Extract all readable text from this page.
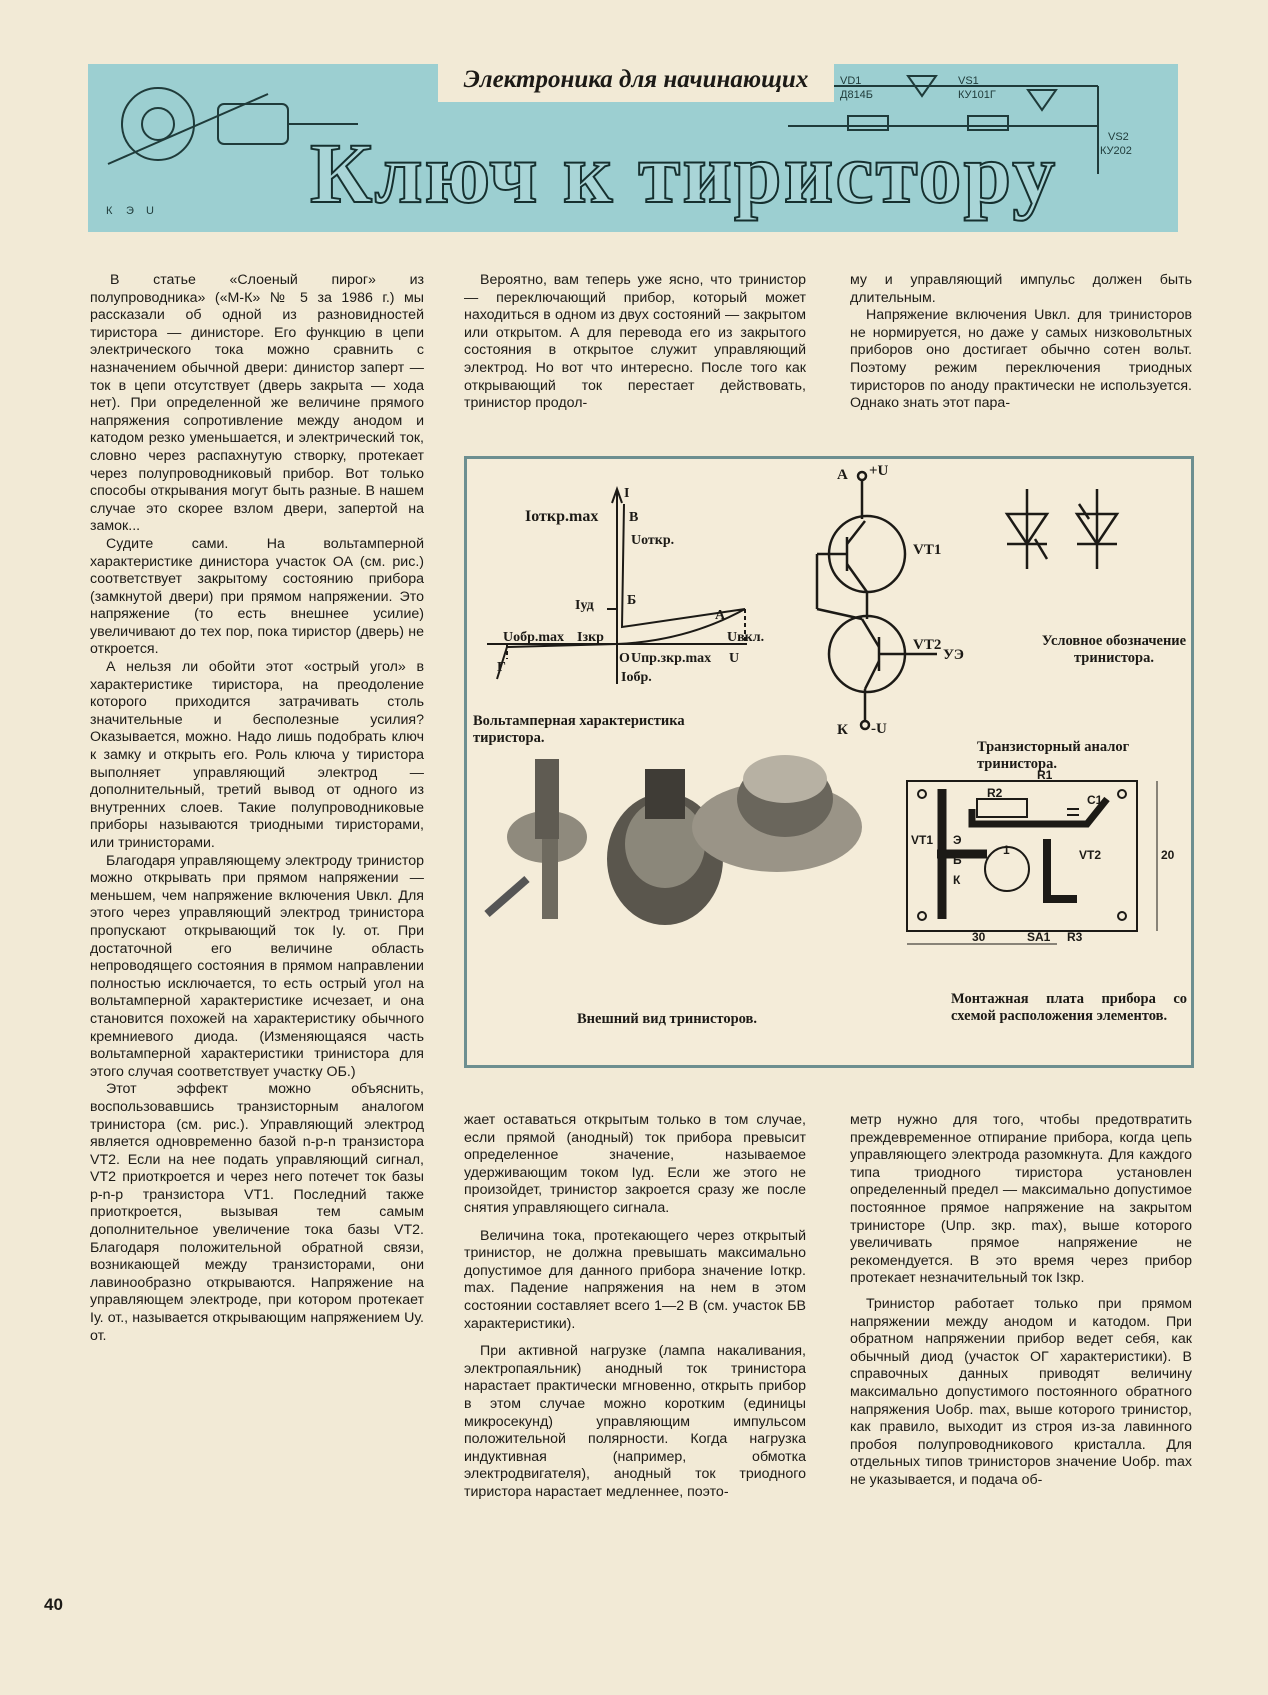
VD1
Д814Б
VS1
КУ101Г
VS2
КУ202
К Э U
Электроника для начинающих
Ключ к тиристору

В статье «Слоеный пирог» из полупроводника» («М-К» № 5 за 1986 г.) мы рассказали об одной из разновидностей тиристора — динисторе. Его функцию в цепи электрического тока можно сравнить с назначением обычной двери: динистор заперт — ток в цепи отсутствует (дверь закрыта — хода нет). При определенной же величине прямого напряжения сопротивление между анодом и катодом резко уменьшается, и электрический ток, словно через распахнутую створку, протекает через полупроводниковый прибор. Вот только способы открывания могут быть разные. В нашем случае это скорее взлом двери, запертой на замок...

Судите сами. На вольтамперной характеристике динистора участок ОА (см. рис.) соответствует закрытому состоянию прибора (замкнутой двери) при прямом напряжении. Это напряжение (то есть внешнее усилие) увеличивают до тех пор, пока тиристор (дверь) не откроется.

А нельзя ли обойти этот «острый угол» в характеристике тиристора, на преодоление которого приходится затрачивать столь значительные и бесполезные усилия? Оказывается, можно. Надо лишь подобрать ключ к замку и открыть его. Роль ключа у тиристора выполняет управляющий электрод — дополнительный, третий вывод от одного из внутренних слоев. Такие полупроводниковые приборы называются триодными тиристорами, или тринисторами.

Благодаря управляющему электроду тринистор можно открывать при прямом напряжении — меньшем, чем напряжение включения Uвкл. Для этого через управляющий электрод тринистора пропускают открывающий ток Iу. от. При достаточной его величине область непроводящего состояния в прямом направлении полностью исключается, то есть острый угол на вольтамперной характеристике исчезает, и она становится похожей на характеристику обычного кремниевого диода. (Изменяющаяся часть вольтамперной характеристики тринистора для этого случая соответствует участку ОБ.)

Этот эффект можно объяснить, воспользовавшись транзисторным аналогом тринистора (см. рис.). Управляющий электрод является одновременно базой n-p-n транзистора VT2. Если на нее подать управляющий сигнал, VT2 приоткроется и через него потечет ток базы p-n-p транзистора VT1. Последний также приоткроется, вызывая тем самым дополнительное увеличение тока базы VT2. Благодаря положительной обратной связи, возникающей между транзисторами, они лавинообразно открываются. Напряжение на управляющем электроде, при котором протекает Iу. от., называется открывающим напряжением Uу. от.

Вероятно, вам теперь уже ясно, что тринистор — переключающий прибор, который может находиться в одном из двух состояний — закрытом или открытом. А для перевода его из закрытого состояния в открытое служит управляющий электрод. Но вот что интересно. После того как открывающий ток перестает действовать, тринистор продол-

му и управляющий импульс должен быть длительным.

Напряжение включения Uвкл. для тринисторов не нормируется, но даже у самых низковольтных приборов оно достигает обычно сотен вольт. Поэтому режим переключения триодных тиристоров по аноду практически не используется. Однако знать этот пара-

I
Iоткр.max В
Uоткр.
Iуд Б
А
Uобр.max Iзкр	Uвкл.
Г
О Uпр.зкр.max U
Iобр.
А +U
VT1
VT2
УЭ
К -U
R2
R1
C1
VT1
VT2
1
Э
Б
К
30
20
SA1 R3
Вольтамперная характеристика тиристора.
Транзисторный аналог тринистора.
Условное обозначение тринистора.
Внешний вид тринисторов.
Монтажная плата прибора со схемой расположения элементов.

жает оставаться открытым только в том случае, если прямой (анодный) ток прибора превысит определенное значение, называемое удерживающим током Iуд. Если же этого не произойдет, тринистор закроется сразу же после снятия управляющего сигнала.

Величина тока, протекающего через открытый тринистор, не должна превышать максимально допустимое для данного прибора значение Iоткр. max. Падение напряжения на нем в этом состоянии составляет всего 1—2 В (см. участок БВ характеристики).

При активной нагрузке (лампа накаливания, электропаяльник) анодный ток тринистора нарастает практически мгновенно, открыть прибор в этом случае можно коротким (единицы микросекунд) управляющим импульсом положительной полярности. Когда нагрузка индуктивная (например, обмотка электродвигателя), анодный ток триодного тиристора нарастает медленнее, поэто-

метр нужно для того, чтобы предотвратить преждевременное отпирание прибора, когда цепь управляющего электрода разомкнута. Для каждого типа триодного тиристора установлен определенный предел — максимально допустимое постоянное прямое напряжение на закрытом тринисторе (Uпр. зкр. max), выше которого увеличивать прямое напряжение не рекомендуется. В это время через прибор протекает незначительный ток Iзкр.

Тринистор работает только при прямом напряжении между анодом и катодом. При обратном напряжении прибор ведет себя, как обычный диод (участок ОГ характеристики). В справочных данных приводят величину максимально допустимого постоянного обратного напряжения Uобр. max, выше которого тринистор, как правило, выходит из строя из-за лавинного пробоя полупроводникового кристалла. Для отдельных типов тринисторов значение Uобр. max не указывается, и подача об-

40
